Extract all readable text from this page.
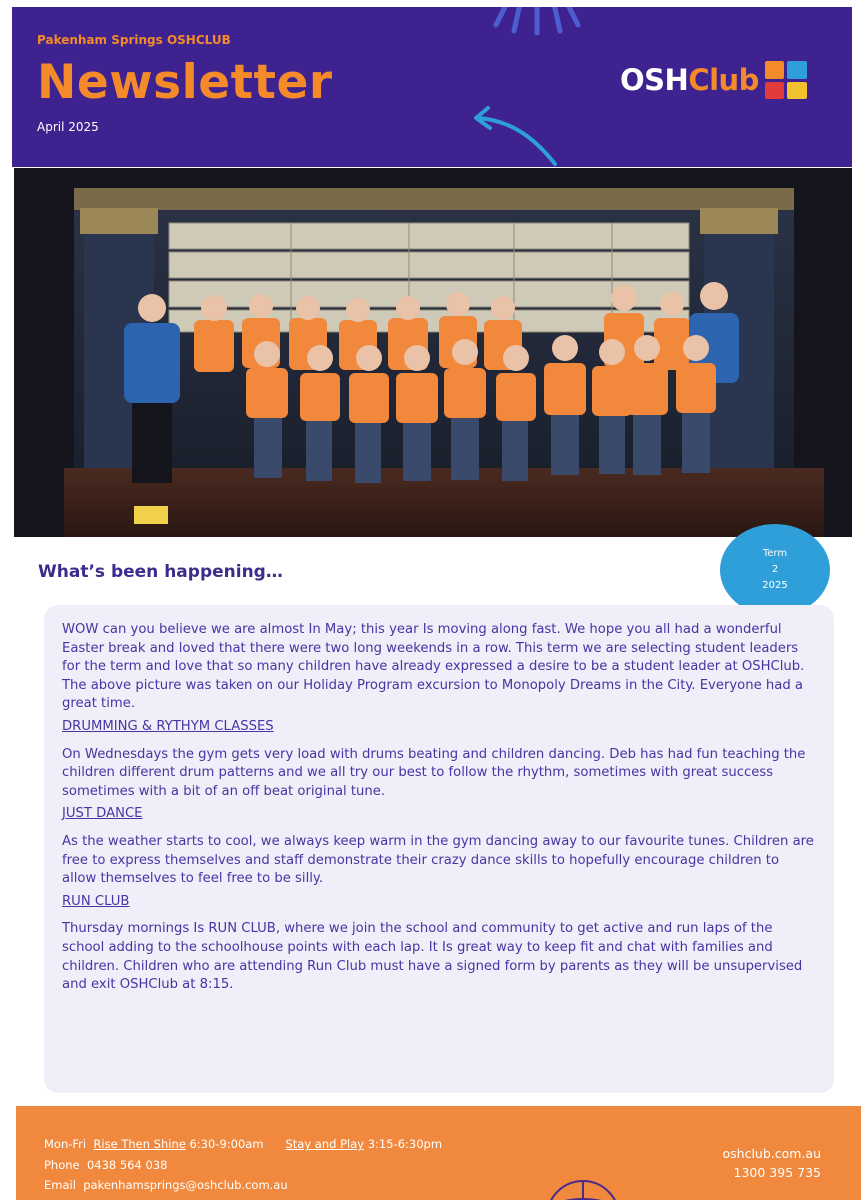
Pakenham Springs OSHCLUB
Newsletter
April 2025
OSHClub
What’s been happening…
Term
2
2025

WOW can you believe we are almost In May; this year Is moving along fast. We hope you all had a wonderful Easter break and loved that there were two long weekends in a row. This term we are selecting student leaders for the term and love that so many children have already expressed a desire to be a student leader at OSHClub. The above picture was taken on our Holiday Program excursion to Monopoly Dreams in the City. Everyone had a great time.

DRUMMING & RYTHYM CLASSES

On Wednesdays the gym gets very load with drums beating and children dancing. Deb has had fun teaching the children different drum patterns and we all try our best to follow the rhythm, sometimes with great success sometimes with a bit of an off beat original tune.

JUST DANCE

As the weather starts to cool, we always keep warm in the gym dancing away to our favourite tunes. Children are free to express themselves and staff demonstrate their crazy dance skills to hopefully encourage children to allow themselves to feel free to be silly.

RUN CLUB

Thursday mornings Is RUN CLUB, where we join the school and community to get active and run laps of the school adding to the schoolhouse points with each lap. It Is great way to keep fit and chat with families and children. Children who are attending Run Club must have a signed form by parents as they will be unsupervised and exit OSHClub at 8:15.

Mon-Fri Rise Then Shine 6:30-9:00am Stay and Play 3:15-6:30pm
Phone 0438 564 038
Email pakenhamsprings@oshclub.com.au
oshclub.com.au
1300 395 735
